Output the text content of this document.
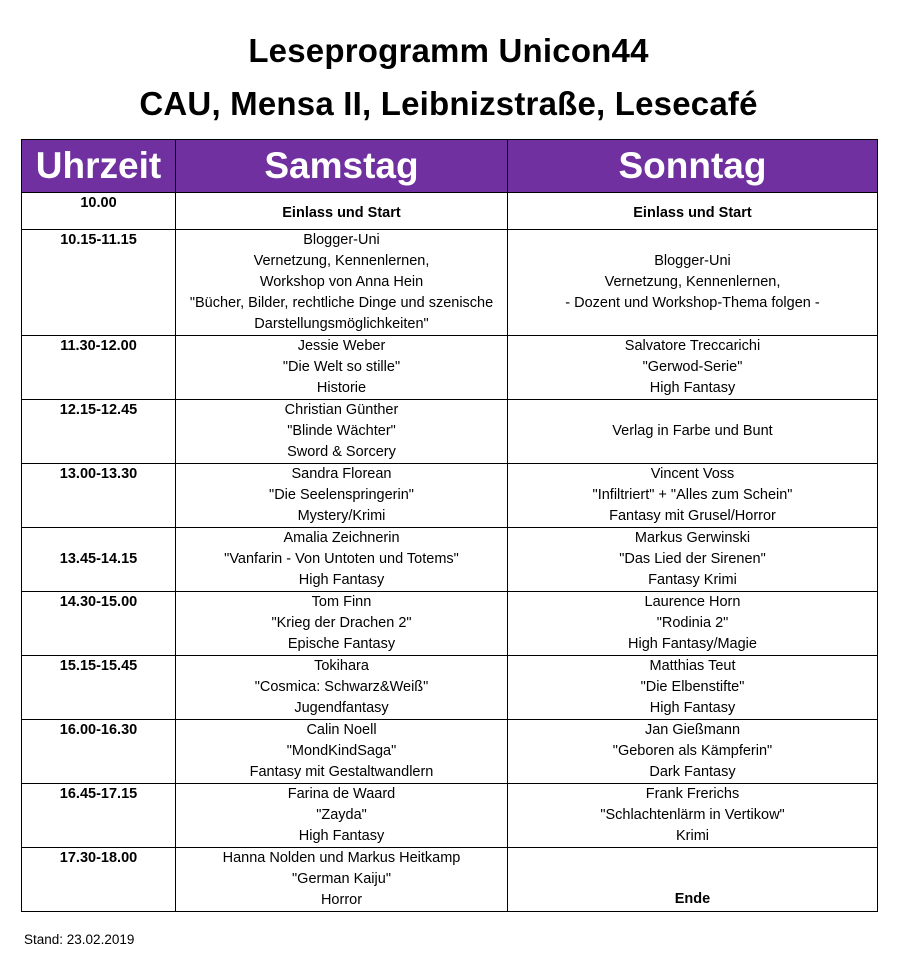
Leseprogramm Unicon44
CAU, Mensa II, Leibnizstraße, Lesecafé
Uhrzeit	Samstag	Sonntag
10.00	Einlass und Start	Einlass und Start

10.15-11.15	Blogger-Uni
Vernetzung, Kennenlernen,
Workshop von Anna Hein
"Bücher, Bilder, rechtliche Dinge und szenische
Darstellungsmöglichkeiten"	Blogger-Uni
Vernetzung, Kennenlernen,
- Dozent und Workshop-Thema folgen -

11.30-12.00	Jessie Weber
"Die Welt so stille"
Historie	Salvatore Treccarichi
"Gerwod-Serie"
High Fantasy

12.15-12.45	Christian Günther
"Blinde Wächter"
Sword & Sorcery	Verlag in Farbe und Bunt

13.00-13.30	Sandra Florean
"Die Seelenspringerin"
Mystery/Krimi	Vincent Voss
"Infiltriert" + "Alles zum Schein"
Fantasy mit Grusel/Horror

13.45-14.15	Amalia Zeichnerin
"Vanfarin - Von Untoten und Totems"
High Fantasy	Markus Gerwinski
"Das Lied der Sirenen"
Fantasy Krimi

14.30-15.00	Tom Finn
"Krieg der Drachen 2"
Epische Fantasy	Laurence Horn
"Rodinia 2"
High Fantasy/Magie

15.15-15.45	Tokihara
"Cosmica: Schwarz&Weiß"
Jugendfantasy	Matthias Teut
"Die Elbenstifte"
High Fantasy

16.00-16.30	Calin Noell
"MondKindSaga"
Fantasy mit Gestaltwandlern	Jan Gießmann
"Geboren als Kämpferin"
Dark Fantasy

16.45-17.15	Farina de Waard
"Zayda"
High Fantasy	Frank Frerichs
"Schlachtenlärm in Vertikow"
Krimi

17.30-18.00	Hanna Nolden und Markus Heitkamp
"German Kaiju"
Horror	Ende
Stand: 23.02.2019
